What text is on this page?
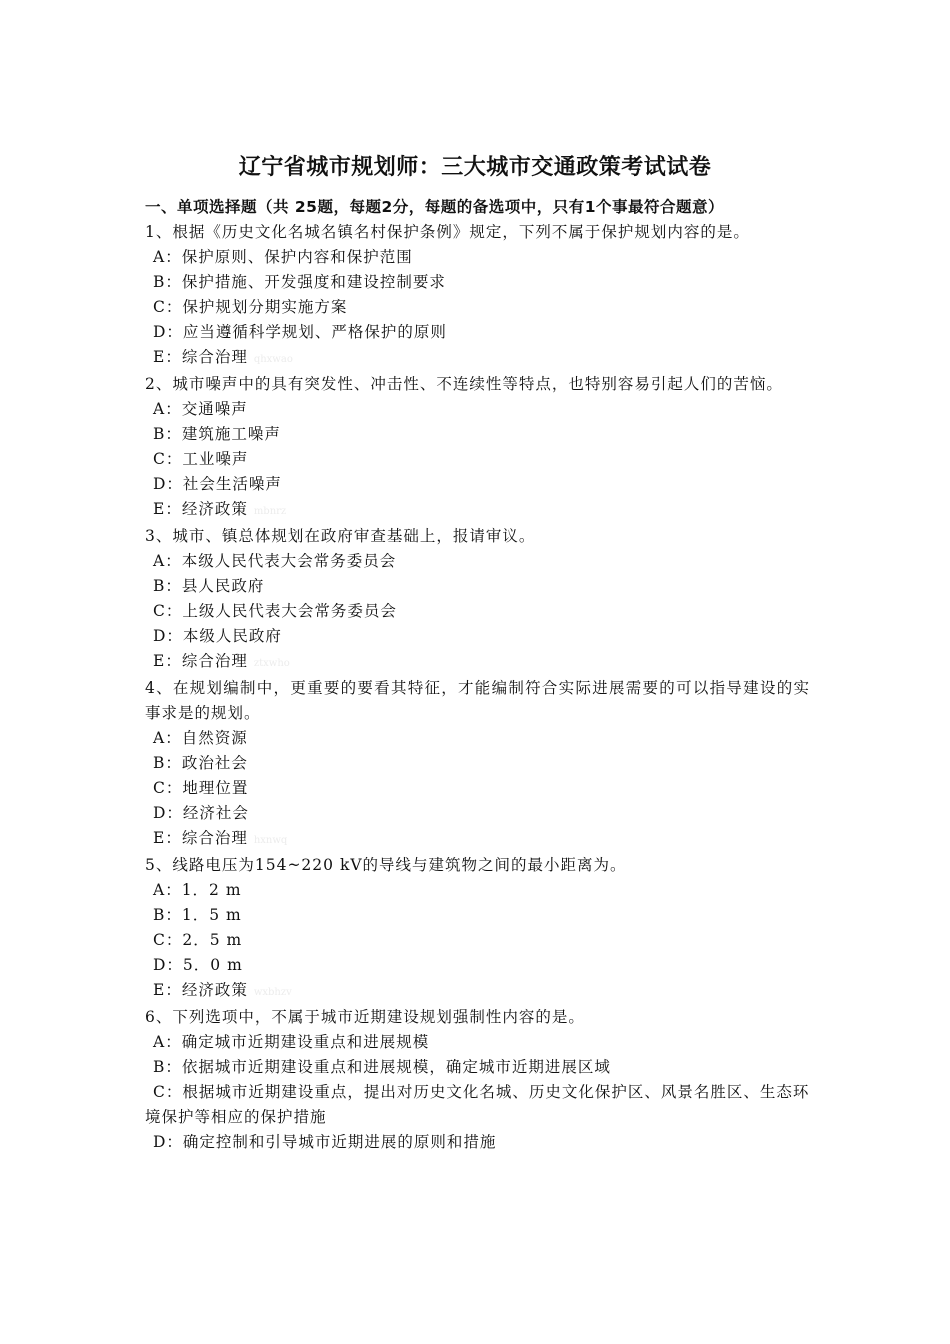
辽宁省城市规划师：三大城市交通政策考试试卷
一、单项选择题（共 25题，每题2分，每题的备选项中，只有1个事最符合题意）
1、根据《历史文化名城名镇名村保护条例》规定，下列不属于保护规划内容的是。
A：保护原则、保护内容和保护范围
B：保护措施、开发强度和建设控制要求
C：保护规划分期实施方案
D：应当遵循科学规划、严格保护的原则
E：综合治理 qhxwao
2、城市噪声中的具有突发性、冲击性、不连续性等特点，也特别容易引起人们的苦恼。
A：交通噪声
B：建筑施工噪声
C：工业噪声
D：社会生活噪声
E：经济政策 mbnrz
3、城市、镇总体规划在政府审查基础上，报请审议。
A：本级人民代表大会常务委员会
B：县人民政府
C：上级人民代表大会常务委员会
D：本级人民政府
E：综合治理 ztxwho
4、在规划编制中，更重要的要看其特征，才能编制符合实际进展需要的可以指导建设的实事求是的规划。
A：自然资源
B：政治社会
C：地理位置
D：经济社会
E：综合治理 hxnwq
5、线路电压为154~220 kV的导线与建筑物之间的最小距离为。
A：1．2 m
B：1．5 m
C：2．5 m
D：5．0 m
E：经济政策 wxbhzv
6、下列选项中，不属于城市近期建设规划强制性内容的是。
A：确定城市近期建设重点和进展规模
B：依据城市近期建设重点和进展规模，确定城市近期进展区域
C：根据城市近期建设重点，提出对历史文化名城、历史文化保护区、风景名胜区、生态环境保护等相应的保护措施
D：确定控制和引导城市近期进展的原则和措施
